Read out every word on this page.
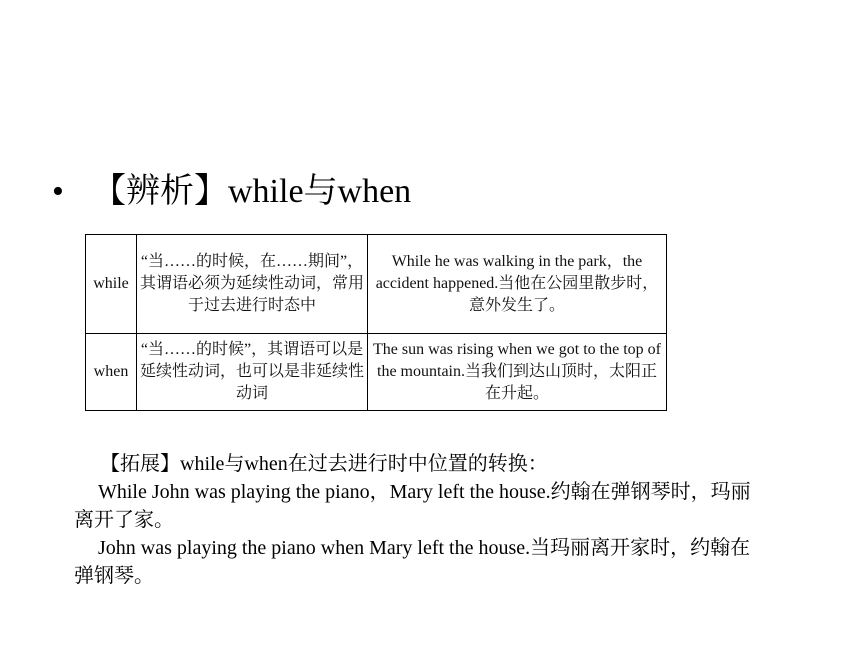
• 【辨析】while与when
while	“当……的时候，在……期间”，其谓语必须为延续性动词，常用于过去进行时态中	While he was walking in the park，the accident happened.当他在公园里散步时，意外发生了。
when	“当……的时候”，其谓语可以是延续性动词，也可以是非延续性动词	The sun was rising when we got to the top of the mountain.当我们到达山顶时，太阳正在升起。

【拓展】while与when在过去进行时中位置的转换：

While John was playing the piano，Mary left the house.约翰在弹钢琴时，玛丽离开了家。

John was playing the piano when Mary left the house.当玛丽离开家时，约翰在弹钢琴。
